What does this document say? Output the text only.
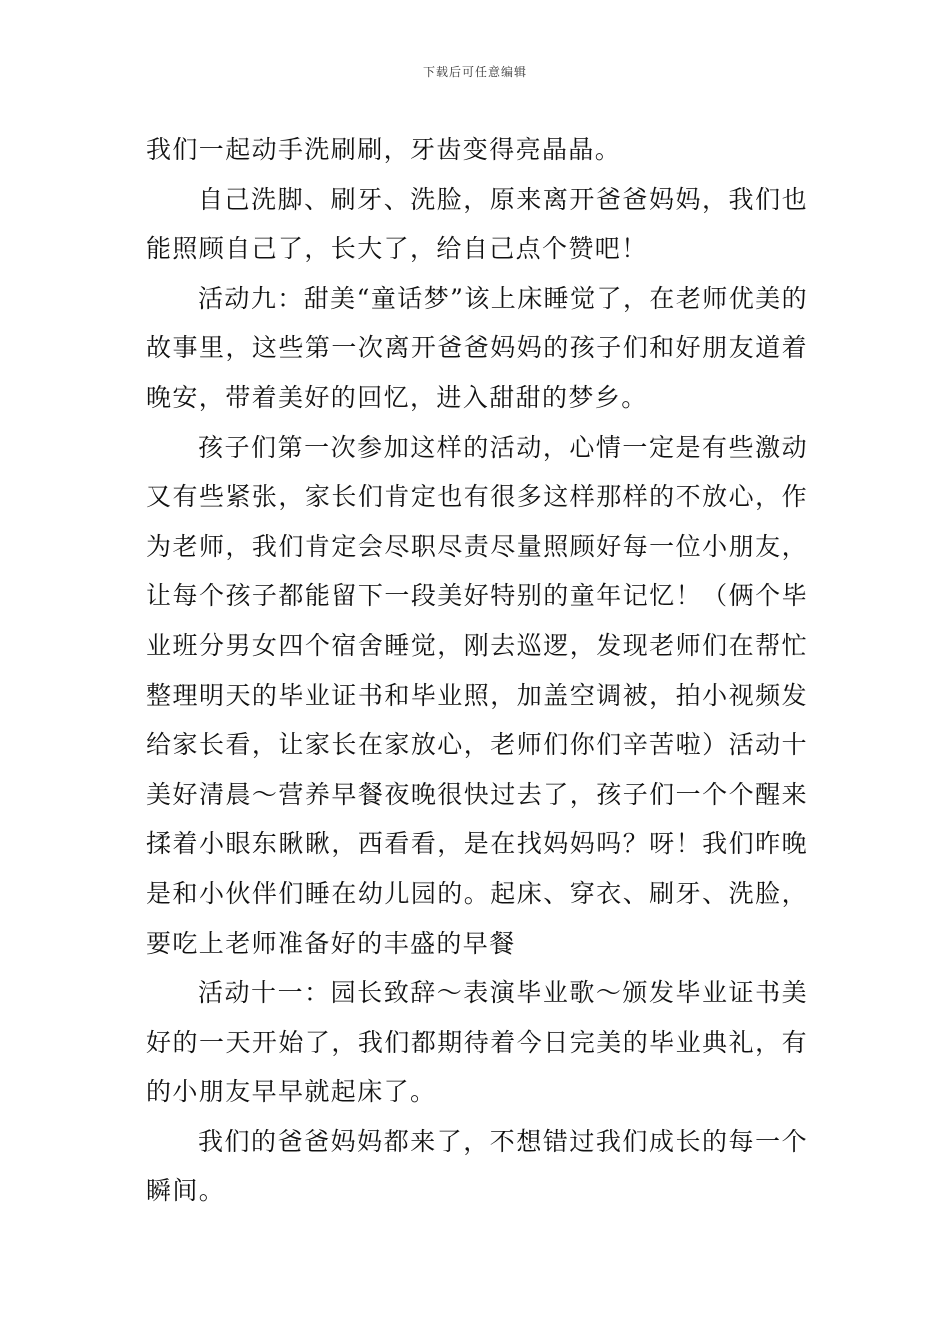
下载后可任意编辑

我们一起动手洗刷刷，牙齿变得亮晶晶。

自己洗脚、刷牙、洗脸，原来离开爸爸妈妈，我们也能照顾自己了，长大了，给自己点个赞吧！

活动九：甜美“童话梦”该上床睡觉了，在老师优美的故事里，这些第一次离开爸爸妈妈的孩子们和好朋友道着晚安，带着美好的回忆，进入甜甜的梦乡。

孩子们第一次参加这样的活动，心情一定是有些激动又有些紧张，家长们肯定也有很多这样那样的不放心，作为老师，我们肯定会尽职尽责尽量照顾好每一位小朋友，让每个孩子都能留下一段美好特别的童年记忆！（俩个毕业班分男女四个宿舍睡觉，刚去巡逻，发现老师们在帮忙整理明天的毕业证书和毕业照，加盖空调被，拍小视频发给家长看，让家长在家放心，老师们你们辛苦啦）活动十美好清晨～营养早餐夜晚很快过去了，孩子们一个个醒来揉着小眼东瞅瞅，西看看，是在找妈妈吗？呀！我们昨晚是和小伙伴们睡在幼儿园的。起床、穿衣、刷牙、洗脸，要吃上老师准备好的丰盛的早餐

活动十一：园长致辞～表演毕业歌～颁发毕业证书美好的一天开始了，我们都期待着今日完美的毕业典礼，有的小朋友早早就起床了。

我们的爸爸妈妈都来了，不想错过我们成长的每一个瞬间。
